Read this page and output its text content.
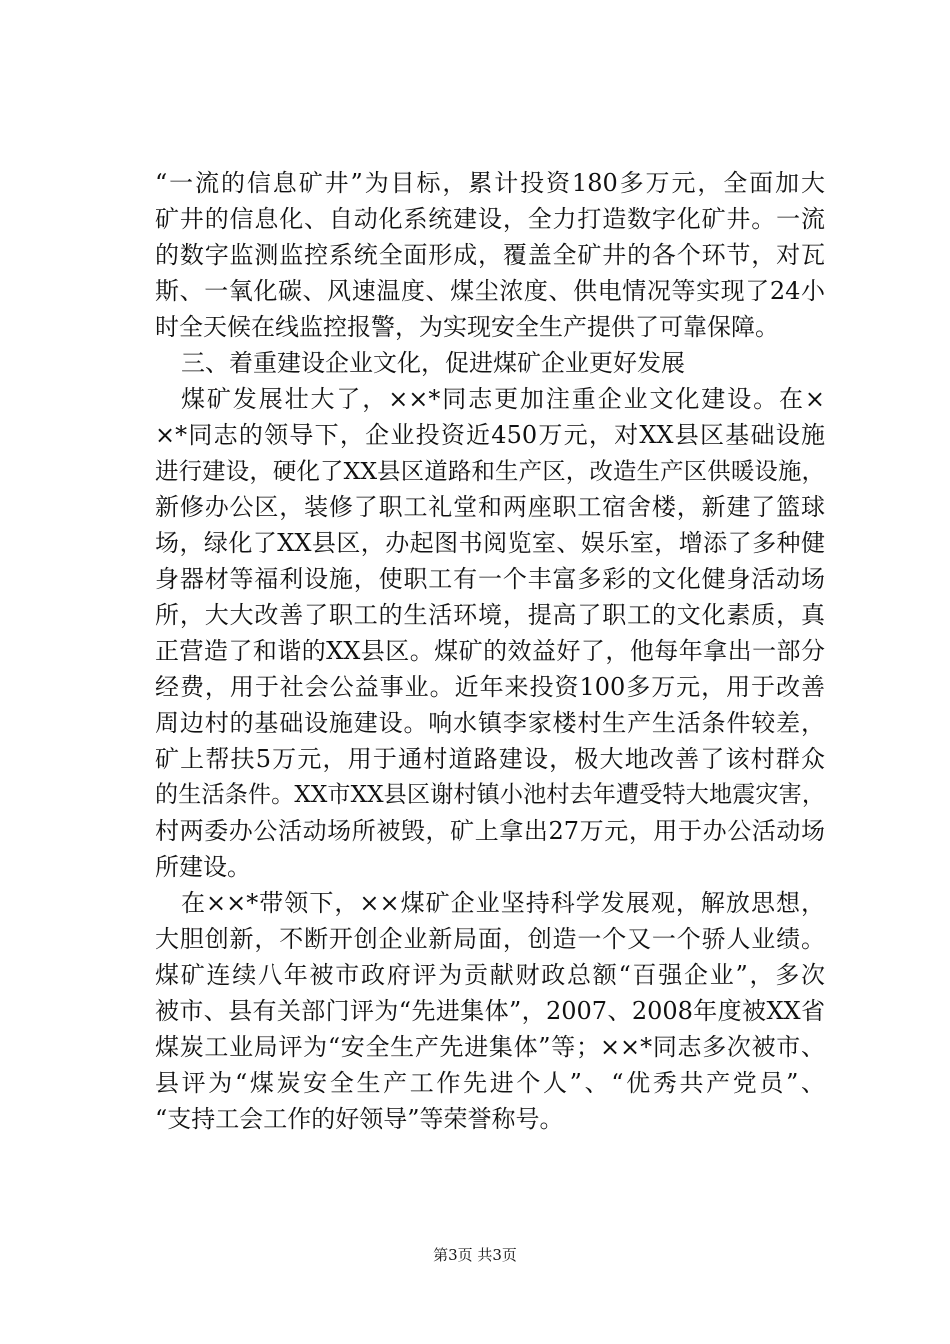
“一流的信息矿井”为目标，累计投资180多万元，全面加大
矿井的信息化、自动化系统建设，全力打造数字化矿井。一流
的数字监测监控系统全面形成，覆盖全矿井的各个环节，对瓦
斯、一氧化碳、风速温度、煤尘浓度、供电情况等实现了24小
时全天候在线监控报警，为实现安全生产提供了可靠保障。
三、着重建设企业文化，促进煤矿企业更好发展
煤矿发展壮大了，××*同志更加注重企业文化建设。在×
×*同志的领导下，企业投资近450万元，对XX县区基础设施
进行建设，硬化了XX县区道路和生产区，改造生产区供暖设施，
新修办公区，装修了职工礼堂和两座职工宿舍楼，新建了篮球
场，绿化了XX县区，办起图书阅览室、娱乐室，增添了多种健
身器材等福利设施，使职工有一个丰富多彩的文化健身活动场
所，大大改善了职工的生活环境，提高了职工的文化素质，真
正营造了和谐的XX县区。煤矿的效益好了，他每年拿出一部分
经费，用于社会公益事业。近年来投资100多万元，用于改善
周边村的基础设施建设。响水镇李家楼村生产生活条件较差，
矿上帮扶5万元，用于通村道路建设，极大地改善了该村群众
的生活条件。XX市XX县区谢村镇小池村去年遭受特大地震灾害，
村两委办公活动场所被毁，矿上拿出27万元，用于办公活动场
所建设。
在××*带领下，××煤矿企业坚持科学发展观，解放思想，
大胆创新，不断开创企业新局面，创造一个又一个骄人业绩。
煤矿连续八年被市政府评为贡献财政总额“百强企业”，多次
被市、县有关部门评为“先进集体”，2007、2008年度被XX省
煤炭工业局评为“安全生产先进集体”等；××*同志多次被市、
县评为“煤炭安全生产工作先进个人”、“优秀共产党员”、
“支持工会工作的好领导”等荣誉称号。
第3页 共3页
